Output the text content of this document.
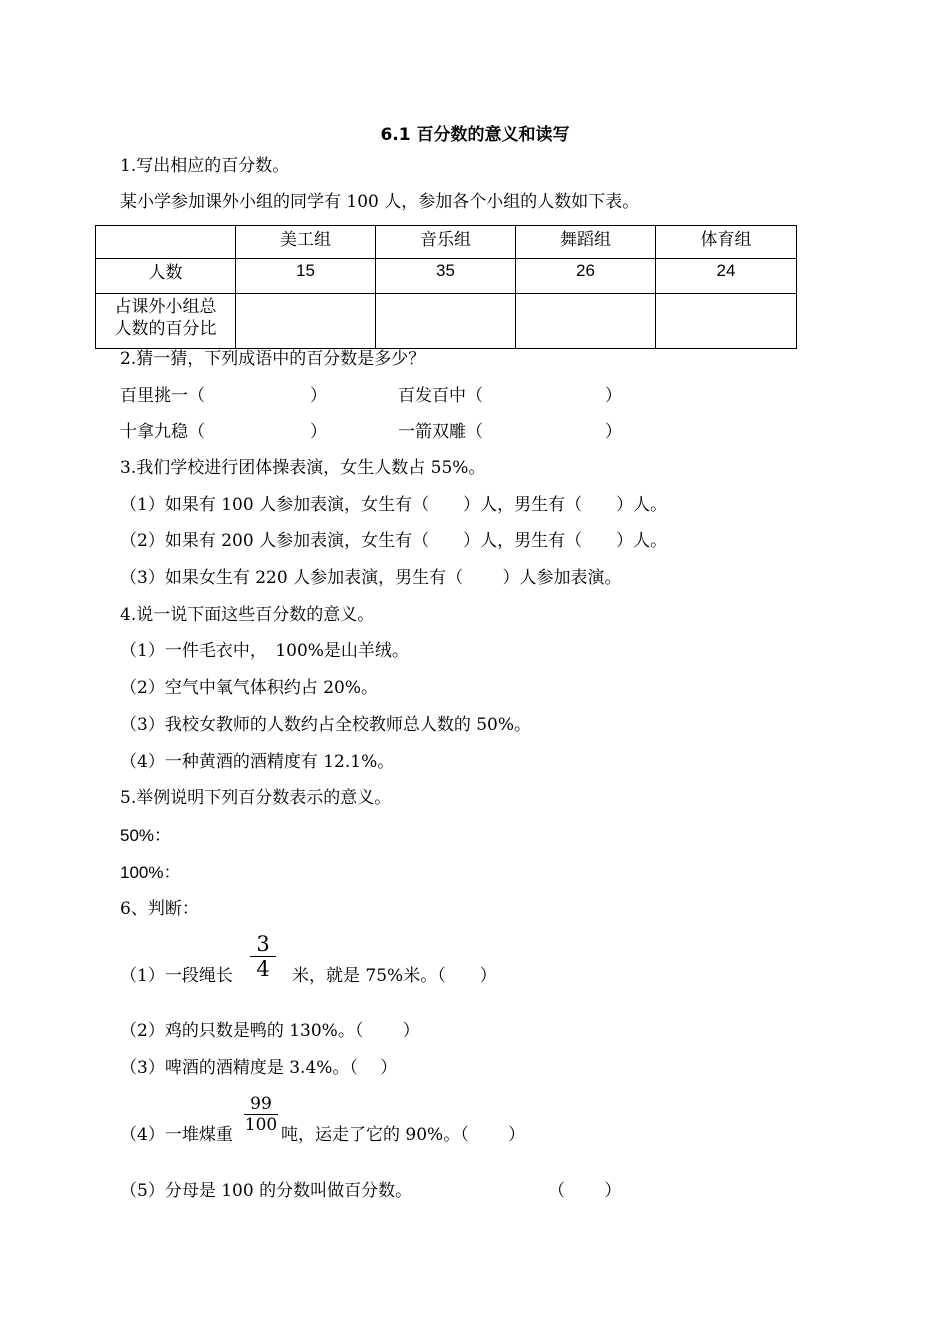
6.1 百分数的意义和读写
1.写出相应的百分数。
某小学参加课外小组的同学有 100 人，参加各个小组的人数如下表。
	美工组	音乐组	舞蹈组	体育组
人数	15	35	26	24

占课外小组总
人数的百分比				

2.猜一猜，下列成语中的百分数是多少？
百里挑一（	）	百发百中（	）
十拿九稳（	）	一箭双雕（	）
3.我们学校进行团体操表演，女生人数占 55%。
（1）如果有 100 人参加表演，女生有（　　）人，男生有（　　）人。
（2）如果有 200 人参加表演，女生有（　　）人，男生有（　　）人。
（3）如果女生有 220 人参加表演，男生有（　　 ）人参加表演。
4.说一说下面这些百分数的意义。
（1）一件毛衣中，　100%是山羊绒。
（2）空气中氧气体积约占 20%。
（3）我校女教师的人数约占全校教师总人数的 50%。
（4）一种黄酒的酒精度有 12.1%。
5.举例说明下列百分数表示的意义。
50%：
100%：
6、判断：
（1）一段绳长 $\frac{3}{4}$ 米，就是 75%米。（　　）
（2）鸡的只数是鸭的 130%。（　　 ）
（3）啤酒的酒精度是 3.4%。（　 ）
（4）一堆煤重 $\frac{99}{100}$ 吨，运走了它的 90%。（　　 ）
（5）分母是 100 的分数叫做百分数。	（　　 ）
